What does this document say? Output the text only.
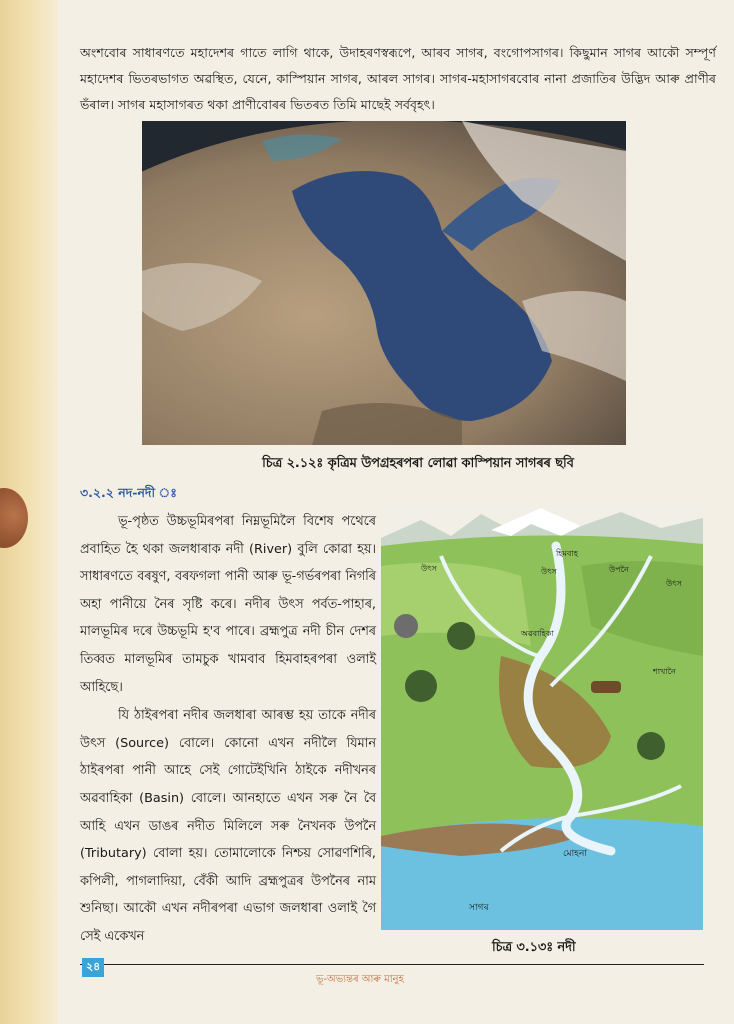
অংশবোৰ সাধাৰণতে মহাদেশৰ গাতে লাগি থাকে, উদাহৰণস্বৰূপে, আৰব সাগৰ, বংগোপসাগৰ। কিছুমান সাগৰ আকৌ সম্পূৰ্ণ মহাদেশৰ ভিতৰভাগত অৱস্থিত, যেনে, কাস্পিয়ান সাগৰ, আৰল সাগৰ। সাগৰ-মহাসাগৰবোৰ নানা প্ৰজাতিৰ উদ্ভিদ আৰু প্ৰাণীৰ ভঁৰাল। সাগৰ মহাসাগৰত থকা প্ৰাণীবোৰৰ ভিতৰত তিমি মাছেই সৰ্ববৃহৎ।
চিত্ৰ ২.১২ঃ কৃত্ৰিম উপগ্ৰহৰপৰা লোৱা কাস্পিয়ান সাগৰৰ ছবি
৩.২.২ নদ-নদী ঃ

ভূ-পৃষ্ঠত উচ্চভূমিৰপৰা নিম্নভূমিলৈ বিশেষ পথেৰে প্ৰবাহিত হৈ থকা জলধাৰাক নদী (River) বুলি কোৱা হয়। সাধাৰণতে বৰষুণ, বৰফগলা পানী আৰু ভূ-গৰ্ভৰপৰা নিগৰি অহা পানীয়ে নৈৰ সৃষ্টি কৰে। নদীৰ উৎস পৰ্বত-পাহাৰ, মালভূমিৰ দৰে উচ্চভূমি হ'ব পাৰে। ব্ৰহ্মপুত্ৰ নদী চীন দেশৰ তিব্বত মালভূমিৰ তামচুক খামবাব হিমবাহৰপৰা ওলাই আহিছে।

যি ঠাইৰপৰা নদীৰ জলধাৰা আৰম্ভ হয় তাকে নদীৰ উৎস (Source) বোলে। কোনো এখন নদীলৈ যিমান ঠাইৰপৰা পানী আহে সেই গোটেইখিনি ঠাইকে নদীখনৰ অৱবাহিকা (Basin) বোলে। আনহাতে এখন সৰু নৈ বৈ আহি এখন ডাঙৰ নদীত মিলিলে সৰু নৈখনক উপনৈ (Tributary) বোলা হয়। তোমালোকে নিশ্চয় সোৱণশিৰি, কপিলী, পাগলাদিয়া, বেঁকী আদি ব্ৰহ্মপুত্ৰৰ উপনৈৰ নাম শুনিছা। আকৌ এখন নদীৰপৰা এভাগ জলধাৰা ওলাই গৈ সেই একেখন

হিমবাহ
উৎস	উৎস
উৎস
উপনৈ
অৱবাহিকা
শাখানৈ
মোহনা
সাগৰ
চিত্ৰ ৩.১৩ঃ নদী
২৪
ভূ-অভ্যন্তৰ আৰু মানুহ
